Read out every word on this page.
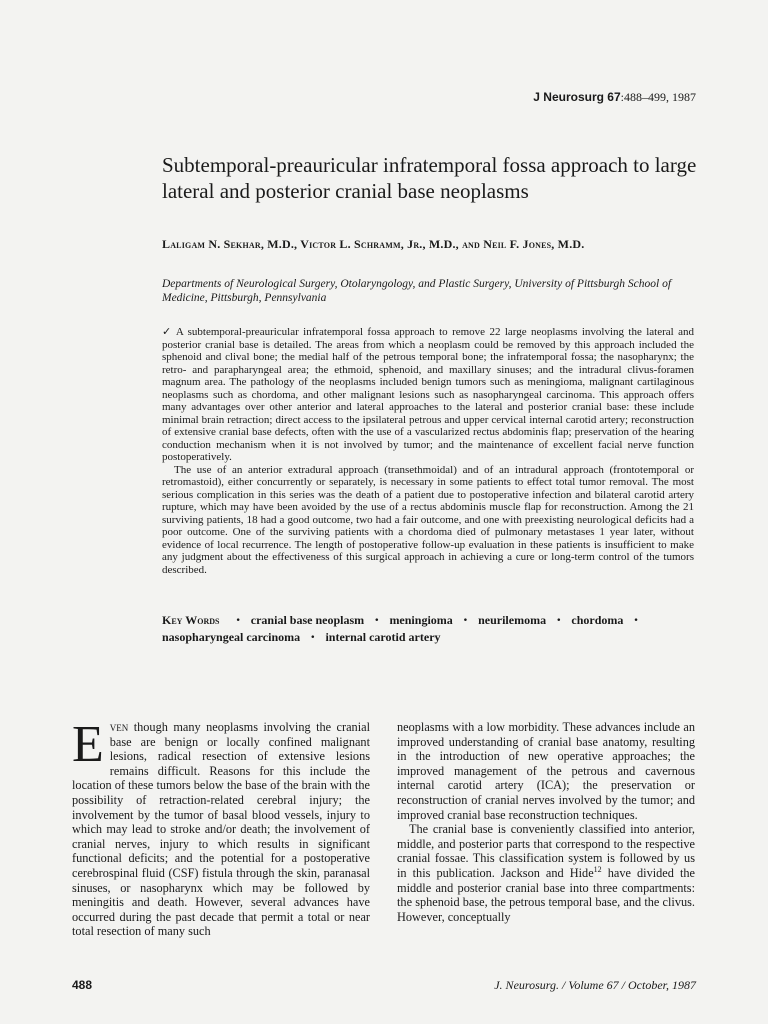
J Neurosurg 67:488–499, 1987
Subtemporal-preauricular infratemporal fossa approach to large lateral and posterior cranial base neoplasms
Laligam N. Sekhar, M.D., Victor L. Schramm, Jr., M.D., and Neil F. Jones, M.D.
Departments of Neurological Surgery, Otolaryngology, and Plastic Surgery, University of Pittsburgh School of Medicine, Pittsburgh, Pennsylvania

✓ A subtemporal-preauricular infratemporal fossa approach to remove 22 large neoplasms involving the lateral and posterior cranial base is detailed. The areas from which a neoplasm could be removed by this approach included the sphenoid and clival bone; the medial half of the petrous temporal bone; the infratemporal fossa; the nasopharynx; the retro- and parapharyngeal area; the ethmoid, sphenoid, and maxillary sinuses; and the intradural clivus-foramen magnum area. The pathology of the neoplasms included benign tumors such as meningioma, malignant cartilaginous neoplasms such as chordoma, and other malignant lesions such as nasopharyngeal carcinoma. This approach offers many advantages over other anterior and lateral approaches to the lateral and posterior cranial base: these include minimal brain retraction; direct access to the ipsilateral petrous and upper cervical internal carotid artery; reconstruction of extensive cranial base defects, often with the use of a vascularized rectus abdominis flap; preservation of the hearing conduction mechanism when it is not involved by tumor; and the maintenance of excellent facial nerve function postoperatively.

The use of an anterior extradural approach (transethmoidal) and of an intradural approach (frontotemporal or retromastoid), either concurrently or separately, is necessary in some patients to effect total tumor removal. The most serious complication in this series was the death of a patient due to postoperative infection and bilateral carotid artery rupture, which may have been avoided by the use of a rectus abdominis muscle flap for reconstruction. Among the 21 surviving patients, 18 had a good outcome, two had a fair outcome, and one with preexisting neurological deficits had a poor outcome. One of the surviving patients with a chordoma died of pulmonary metastases 1 year later, without evidence of local recurrence. The length of postoperative follow-up evaluation in these patients is insufficient to make any judgment about the effectiveness of this surgical approach in achieving a cure or long-term control of the tumors described.

Key Words • cranial base neoplasm • meningioma • neurilemoma • chordoma • nasopharyngeal carcinoma • internal carotid artery

Even though many neoplasms involving the cranial base are benign or locally confined malignant lesions, radical resection of extensive lesions remains difficult. Reasons for this include the location of these tumors below the base of the brain with the possibility of retraction-related cerebral injury; the involvement by the tumor of basal blood vessels, injury to which may lead to stroke and/or death; the involvement of cranial nerves, injury to which results in significant functional deficits; and the potential for a postoperative cerebrospinal fluid (CSF) fistula through the skin, paranasal sinuses, or nasopharynx which may be followed by meningitis and death. However, several advances have occurred during the past decade that permit a total or near total resection of many such

neoplasms with a low morbidity. These advances include an improved understanding of cranial base anatomy, resulting in the introduction of new operative approaches; the improved management of the petrous and cavernous internal carotid artery (ICA); the preservation or reconstruction of cranial nerves involved by the tumor; and improved cranial base reconstruction techniques.

The cranial base is conveniently classified into anterior, middle, and posterior parts that correspond to the respective cranial fossae. This classification system is followed by us in this publication. Jackson and Hide$^{12}$ have divided the middle and posterior cranial base into three compartments: the sphenoid base, the petrous temporal base, and the clivus. However, conceptually

488	J. Neurosurg. / Volume 67 / October, 1987
